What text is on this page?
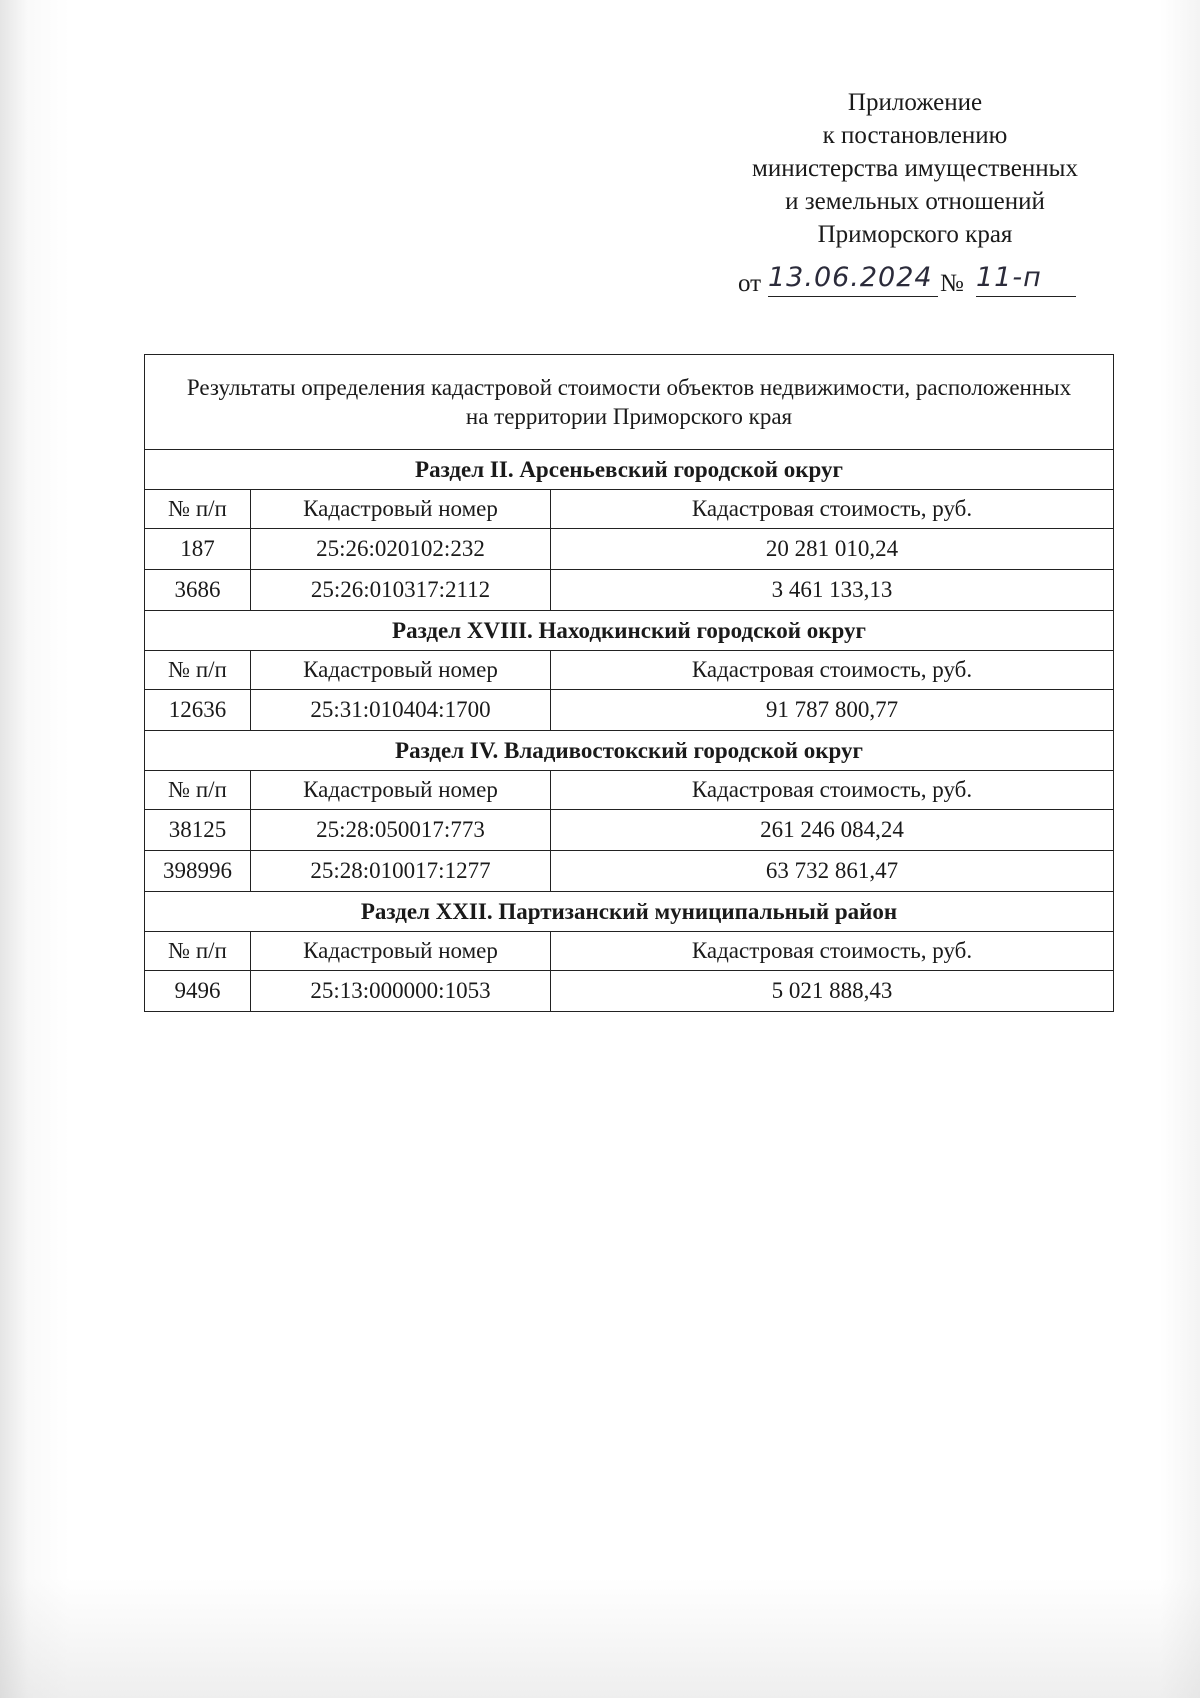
Приложение
к постановлению
министерства имущественных
и земельных отношений
Приморского края
от 13.06.2024 № 11-п
Результаты определения кадастровой стоимости объектов недвижимости, расположенных
на территории Приморского края		

Раздел II. Арсеньевский городской округ		
№ п/п	Кадастровый номер	Кадастровая стоимость, руб.
187	25:26:020102:232	20 281 010,24
3686	25:26:010317:2112	3 461 133,13
Раздел XVIII. Находкинский городской округ		
№ п/п	Кадастровый номер	Кадастровая стоимость, руб.
12636	25:31:010404:1700	91 787 800,77
Раздел IV. Владивостокский городской округ		
№ п/п	Кадастровый номер	Кадастровая стоимость, руб.
38125	25:28:050017:773	261 246 084,24
398996	25:28:010017:1277	63 732 861,47
Раздел XXII. Партизанский муниципальный район		
№ п/п	Кадастровый номер	Кадастровая стоимость, руб.
9496	25:13:000000:1053	5 021 888,43
